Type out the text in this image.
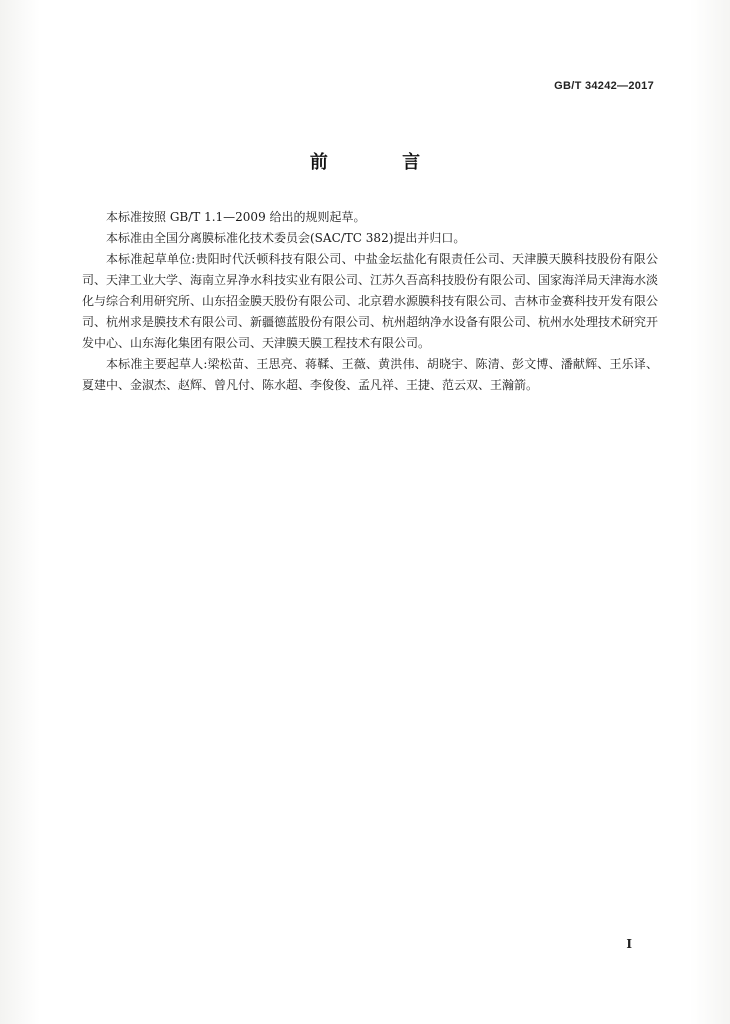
GB/T 34242—2017
前 言

本标准按照 GB/T 1.1—2009 给出的规则起草。

本标准由全国分离膜标准化技术委员会(SAC/TC 382)提出并归口。

本标准起草单位:贵阳时代沃顿科技有限公司、中盐金坛盐化有限责任公司、天津膜天膜科技股份有限公司、天津工业大学、海南立昇净水科技实业有限公司、江苏久吾高科技股份有限公司、国家海洋局天津海水淡化与综合利用研究所、山东招金膜天股份有限公司、北京碧水源膜科技有限公司、吉林市金赛科技开发有限公司、杭州求是膜技术有限公司、新疆德蓝股份有限公司、杭州超纳净水设备有限公司、杭州水处理技术研究开发中心、山东海化集团有限公司、天津膜天膜工程技术有限公司。

本标准主要起草人:梁松苗、王思亮、蒋鞣、王薇、黄洪伟、胡晓宇、陈清、彭文博、潘献辉、王乐译、夏建中、金淑杰、赵辉、曾凡付、陈水超、李俊俊、孟凡祥、王捷、范云双、王瀚箭。

I
